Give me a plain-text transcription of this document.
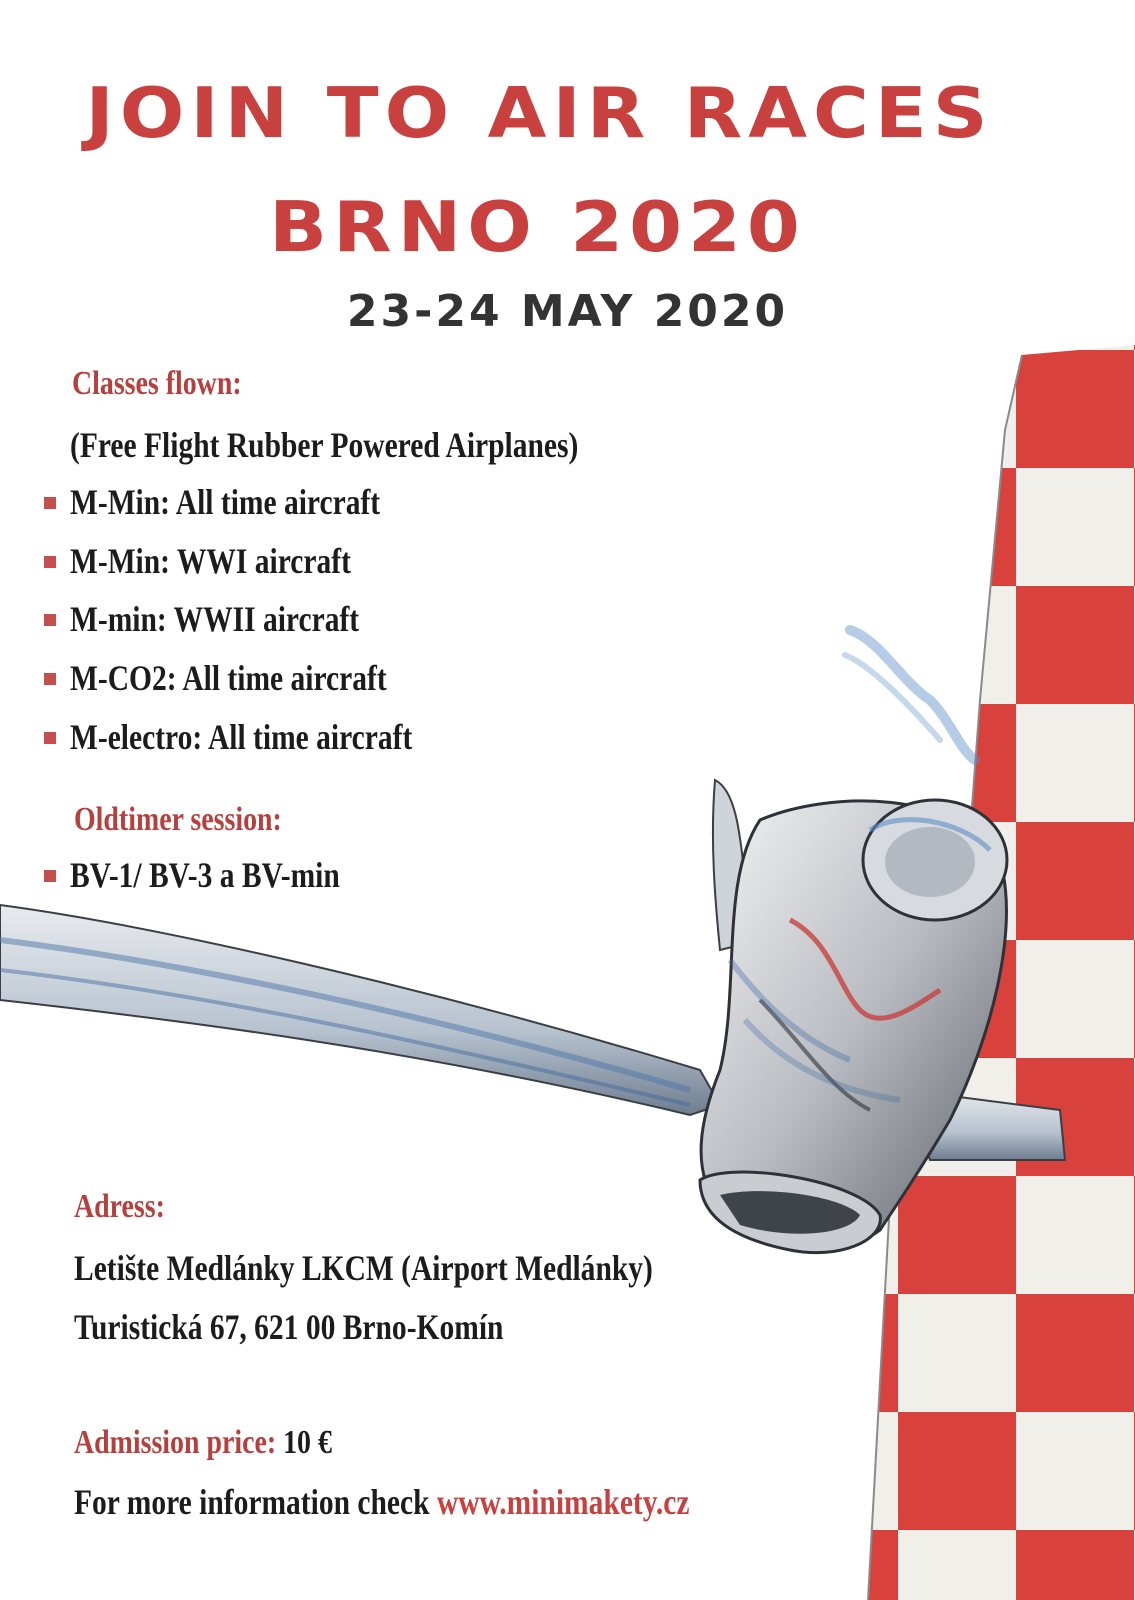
JOIN TO AIR RACES
BRNO 2020
23-24 MAY 2020
Classes flown:
(Free Flight Rubber Powered Airplanes)
M-Min: All time aircraft
M-Min: WWI aircraft
M-min: WWII aircraft
M-CO2: All time aircraft
M-electro: All time aircraft
Oldtimer session:
BV-1/ BV-3 a BV-min
Adress:
Letište Medlánky LKCM (Airport Medlánky)
Turistická 67, 621 00 Brno-Komín
Admission price: 10 €
For more information check www.minimakety.cz
